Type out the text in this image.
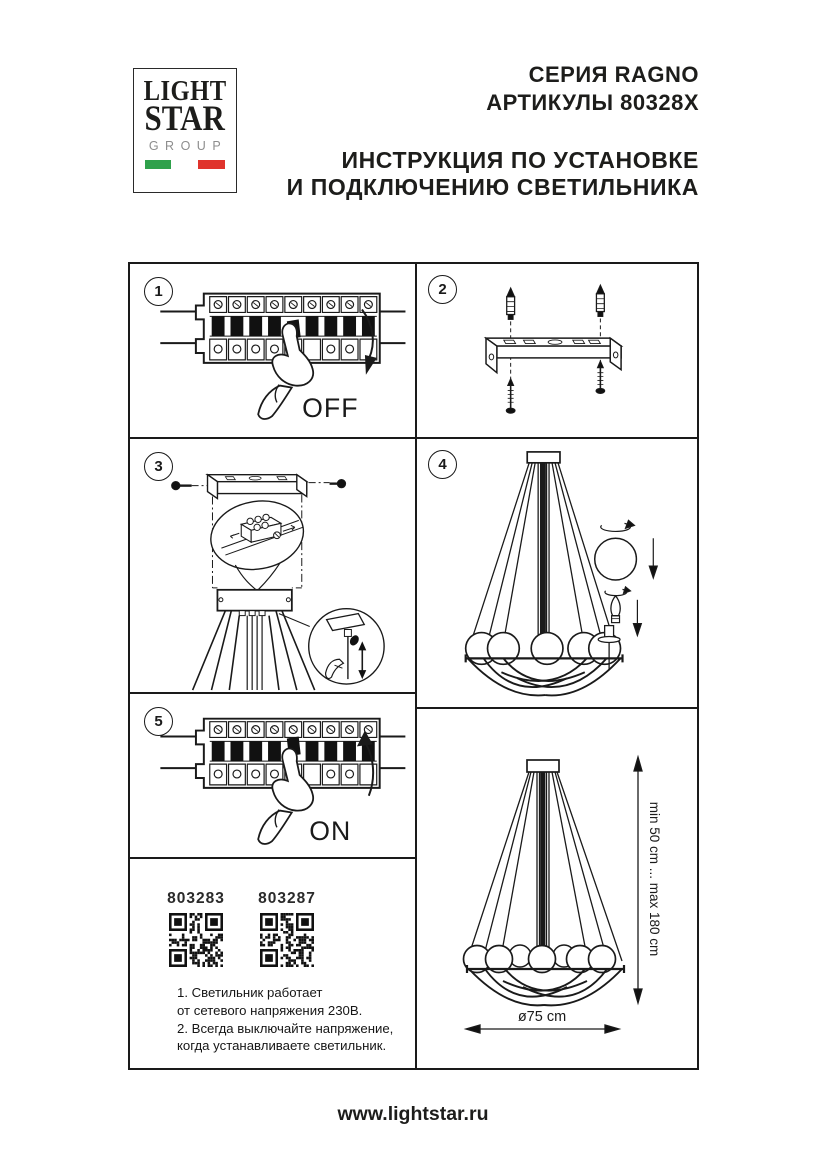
LIGHT
STAR
GROUP
СЕРИЯ RAGNO
АРТИКУЛЫ 80328X
ИНСТРУКЦИЯ ПО УСТАНОВКЕ
И ПОДКЛЮЧЕНИЮ СВЕТИЛЬНИКА
1
OFF
2
3	4
5
ON
803283	803287
1. Светильник работает
от сетевого напряжения 230В.
2. Всегда выключайте напряжение,
когда устанавливаете светильник.
min 50 cm ... max 180 cm
ø75 cm
www.lightstar.ru
